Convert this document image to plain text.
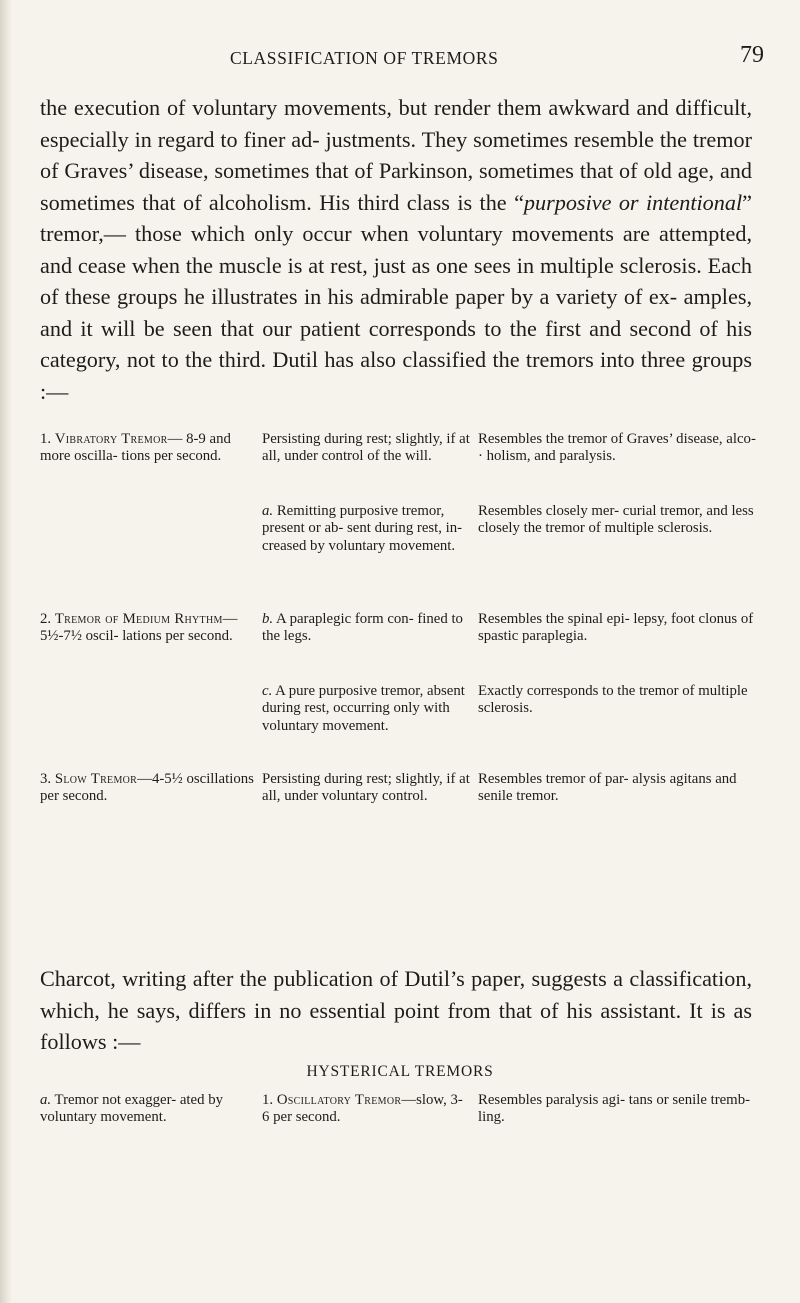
CLASSIFICATION OF TREMORS	79

the execution of voluntary movements, but render them awkward and difficult, especially in regard to finer ad- justments. They sometimes resemble the tremor of Graves’ disease, sometimes that of Parkinson, sometimes that of old age, and sometimes that of alcoholism. His third class is the “purposive or intentional” tremor,— those which only occur when voluntary movements are attempted, and cease when the muscle is at rest, just as one sees in multiple sclerosis. Each of these groups he illustrates in his admirable paper by a variety of ex- amples, and it will be seen that our patient corresponds to the first and second of his category, not to the third. Dutil has also classified the tremors into three groups :—

1. Vibratory Tremor— 8-9 and more oscilla- tions per second.
Persisting during rest; slightly, if at all, under control of the will.
Resembles the tremor of Graves’ disease, alco- · holism, and paralysis.
a. Remitting purposive tremor, present or ab- sent during rest, in- creased by voluntary movement.
Resembles closely mer- curial tremor, and less closely the tremor of multiple sclerosis.
2. Tremor of Medium Rhythm—5½-7½ oscil- lations per second.
b. A paraplegic form con- fined to the legs.
Resembles the spinal epi- lepsy, foot clonus of spastic paraplegia.
c. A pure purposive tremor, absent during rest, occurring only with voluntary movement.
Exactly corresponds to the tremor of multiple sclerosis.
3. Slow Tremor—4-5½ oscillations per second.
Persisting during rest; slightly, if at all, under voluntary control.
Resembles tremor of par- alysis agitans and senile tremor.

Charcot, writing after the publication of Dutil’s paper, suggests a classification, which, he says, differs in no essential point from that of his assistant. It is as follows :—

HYSTERICAL TREMORS
a. Tremor not exagger- ated by voluntary movement.
1. Oscillatory Tremor—slow, 3-6 per second.
Resembles paralysis agi- tans or senile tremb- ling.
